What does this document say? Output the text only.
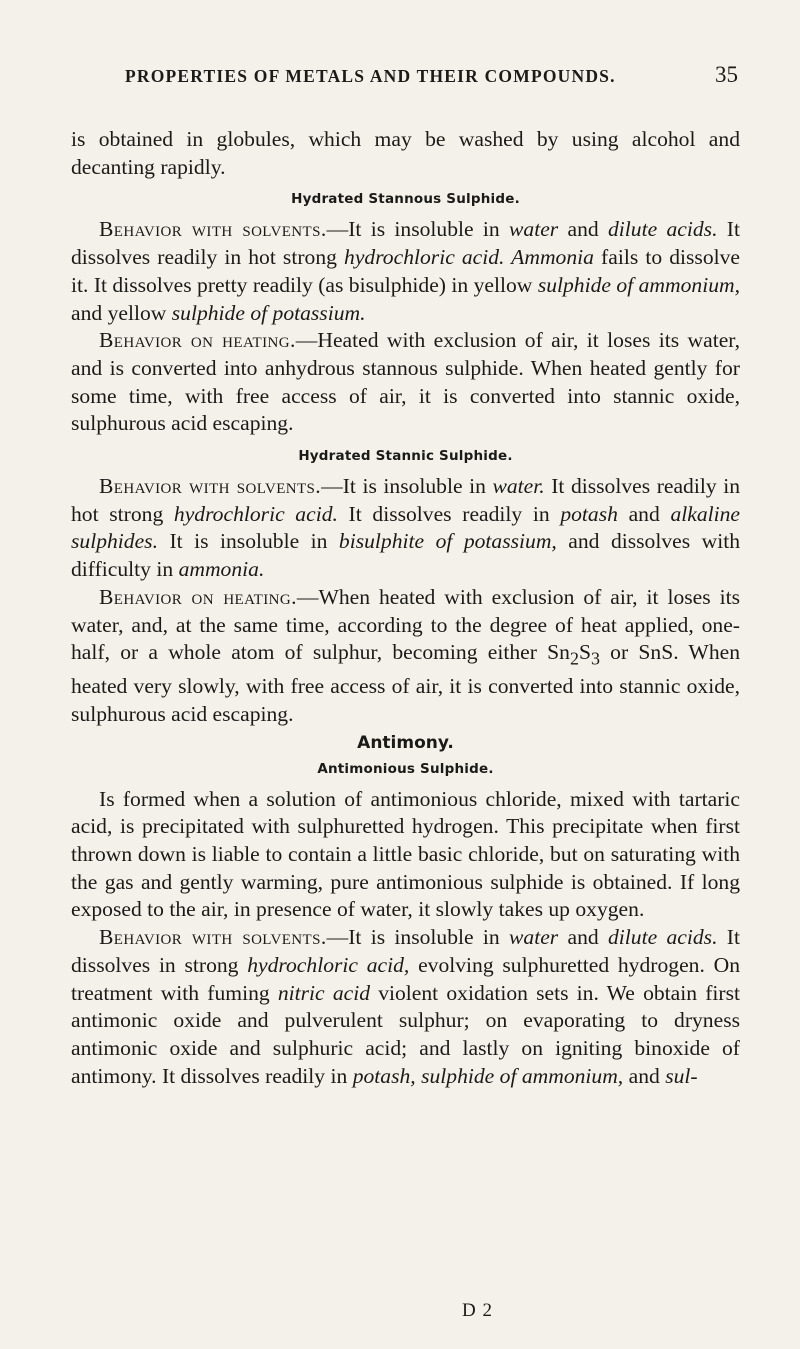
PROPERTIES OF METALS AND THEIR COMPOUNDS.	35

is obtained in globules, which may be washed by using alcohol and decanting rapidly.

Hydrated Stannous Sulphide.

Behavior with solvents.—It is insoluble in water and dilute acids. It dissolves readily in hot strong hydrochloric acid. Ammonia fails to dissolve it. It dissolves pretty readily (as bisulphide) in yellow sulphide of ammonium, and yellow sulphide of potassium.

Behavior on heating.—Heated with exclusion of air, it loses its water, and is converted into anhydrous stannous sulphide. When heated gently for some time, with free access of air, it is converted into stannic oxide, sulphurous acid escaping.

Hydrated Stannic Sulphide.

Behavior with solvents.—It is insoluble in water. It dissolves readily in hot strong hydrochloric acid. It dissolves readily in potash and alkaline sulphides. It is insoluble in bisulphite of potassium, and dissolves with difficulty in ammonia.

Behavior on heating.—When heated with exclusion of air, it loses its water, and, at the same time, according to the degree of heat applied, one-half, or a whole atom of sulphur, becoming either $Sn_2S_3$ or SnS. When heated very slowly, with free access of air, it is converted into stannic oxide, sulphurous acid escaping.

Antimony.
Antimonious Sulphide.

Is formed when a solution of antimonious chloride, mixed with tartaric acid, is precipitated with sulphuretted hydrogen. This precipitate when first thrown down is liable to contain a little basic chloride, but on saturating with the gas and gently warming, pure antimonious sulphide is obtained. If long exposed to the air, in presence of water, it slowly takes up oxygen.

Behavior with solvents.—It is insoluble in water and dilute acids. It dissolves in strong hydrochloric acid, evolving sulphuretted hydrogen. On treatment with fuming nitric acid violent oxidation sets in. We obtain first antimonic oxide and pulverulent sulphur; on evaporating to dryness antimonic oxide and sulphuric acid; and lastly on igniting binoxide of antimony. It dissolves readily in potash, sulphide of ammonium, and sul-

D 2
